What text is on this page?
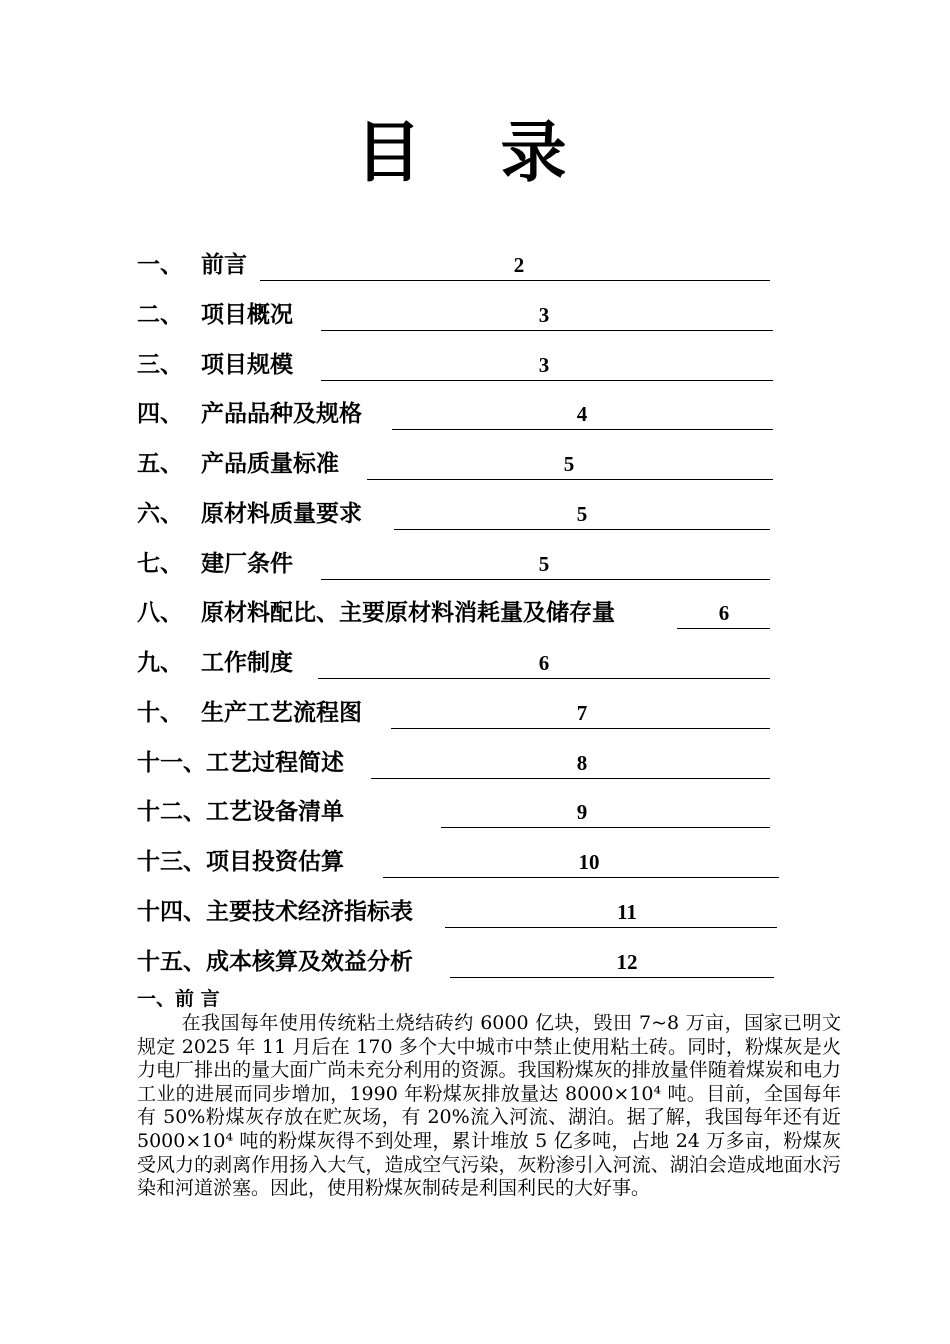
目 录
一、 前言	2
二、 项目概况	3
三、 项目规模	3
四、 产品品种及规格	4
五、 产品质量标准	5
六、 原材料质量要求	5
七、 建厂条件	5
八、 原材料配比、主要原材料消耗量及储存量	6
九、 工作制度	6
十、 生产工艺流程图	7
十一、工艺过程简述	8
十二、工艺设备清单	9
十三、项目投资估算	10
十四、主要技术经济指标表	11
十五、成本核算及效益分析	12
一、前 言

在我国每年使用传统粘土烧结砖约 6000 亿块，毁田 7~8 万亩，国家已明文规定 2025 年 11 月后在 170 多个大中城市中禁止使用粘土砖。同时，粉煤灰是火力电厂排出的量大面广尚未充分利用的资源。我国粉煤灰的排放量伴随着煤炭和电力工业的进展而同步增加，1990 年粉煤灰排放量达 8000×10⁴ 吨。目前，全国每年有 50%粉煤灰存放在贮灰场，有 20%流入河流、湖泊。据了解，我国每年还有近 5000×10⁴ 吨的粉煤灰得不到处理，累计堆放 5 亿多吨，占地 24 万多亩，粉煤灰受风力的剥离作用扬入大气，造成空气污染，灰粉渗引入河流、湖泊会造成地面水污染和河道淤塞。因此，使用粉煤灰制砖是利国利民的大好事。
